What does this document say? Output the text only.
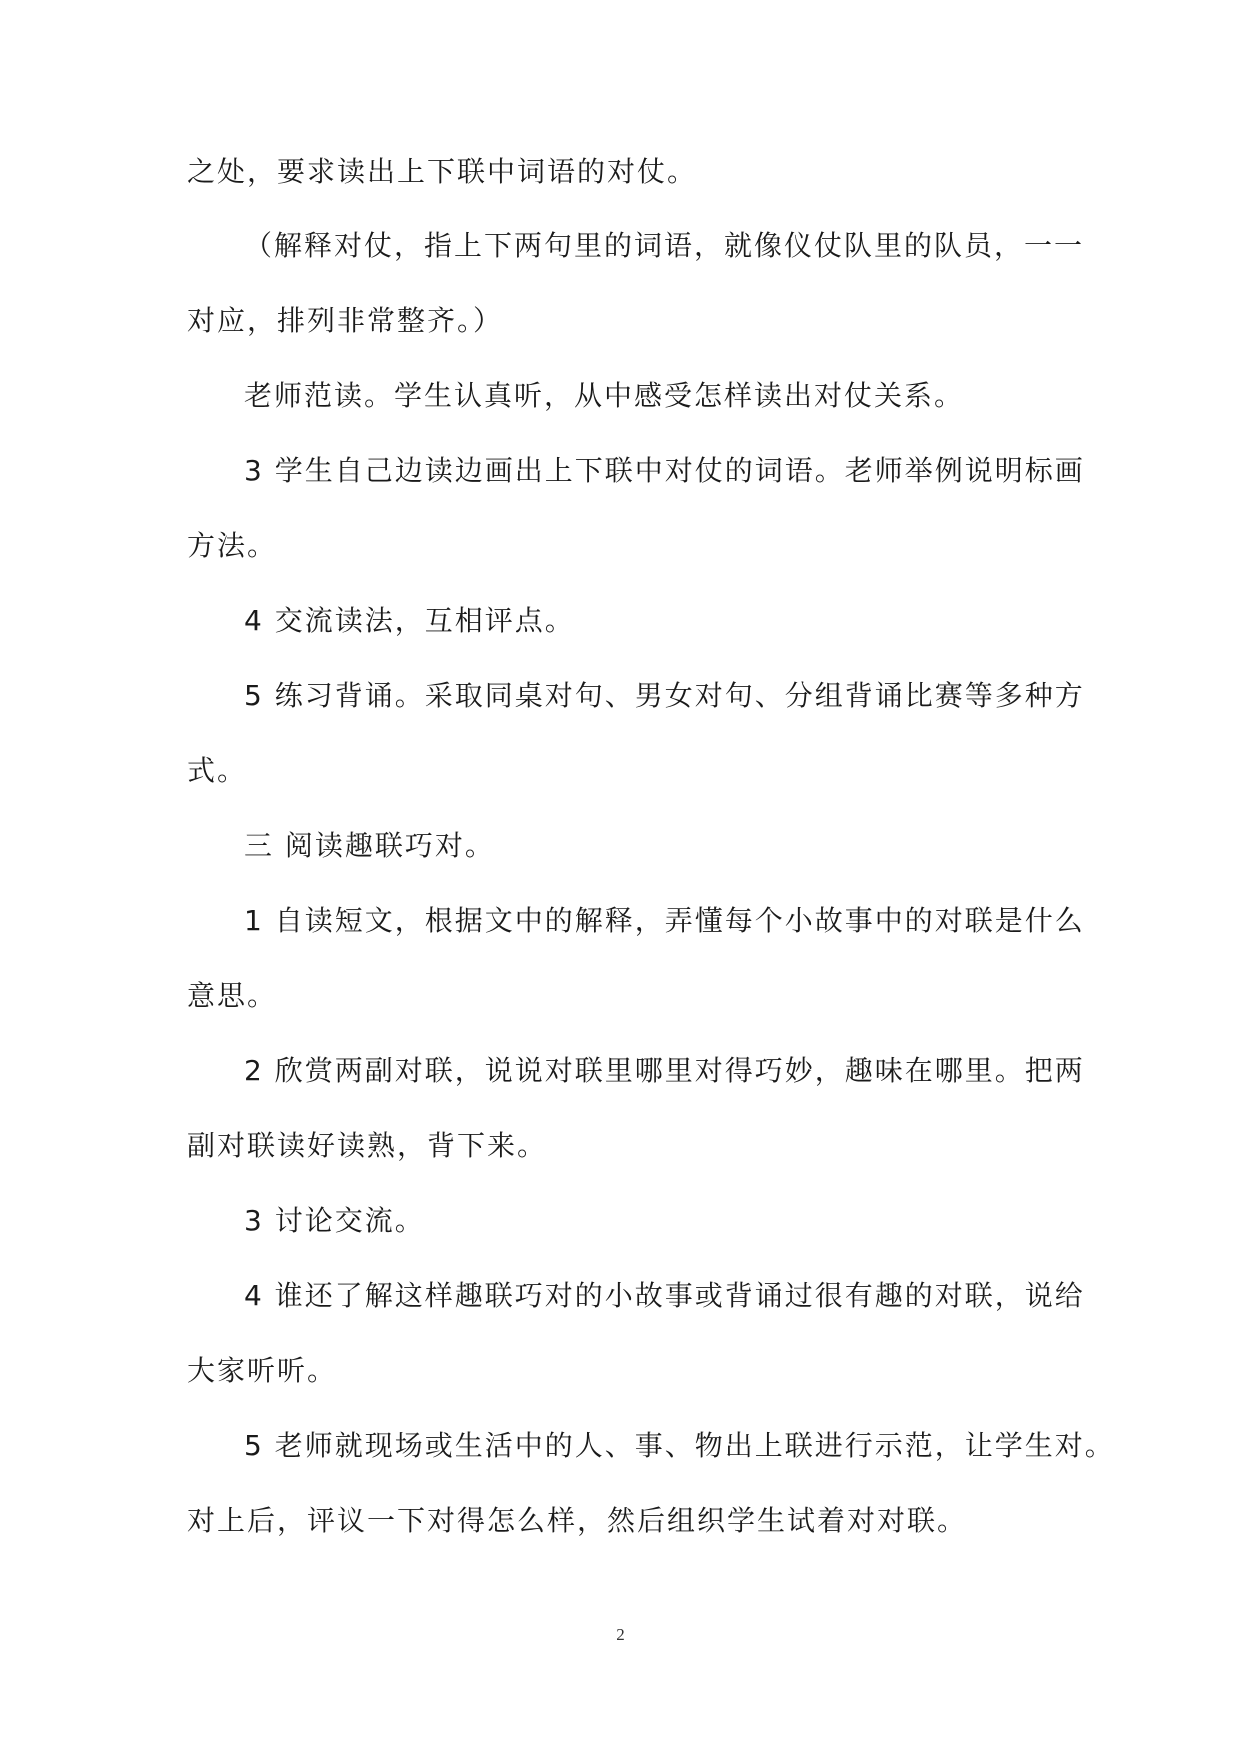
之处，要求读出上下联中词语的对仗。
（解释对仗，指上下两句里的词语，就像仪仗队里的队员，一一
对应，排列非常整齐。）
老师范读。学生认真听，从中感受怎样读出对仗关系。
3 学生自己边读边画出上下联中对仗的词语。老师举例说明标画
方法。
4 交流读法，互相评点。
5 练习背诵。采取同桌对句、男女对句、分组背诵比赛等多种方
式。
三 阅读趣联巧对。
1 自读短文，根据文中的解释，弄懂每个小故事中的对联是什么
意思。
2 欣赏两副对联，说说对联里哪里对得巧妙，趣味在哪里。把两
副对联读好读熟，背下来。
3 讨论交流。
4 谁还了解这样趣联巧对的小故事或背诵过很有趣的对联，说给
大家听听。
5 老师就现场或生活中的人、事、物出上联进行示范，让学生对。
对上后，评议一下对得怎么样，然后组织学生试着对对联。
2
